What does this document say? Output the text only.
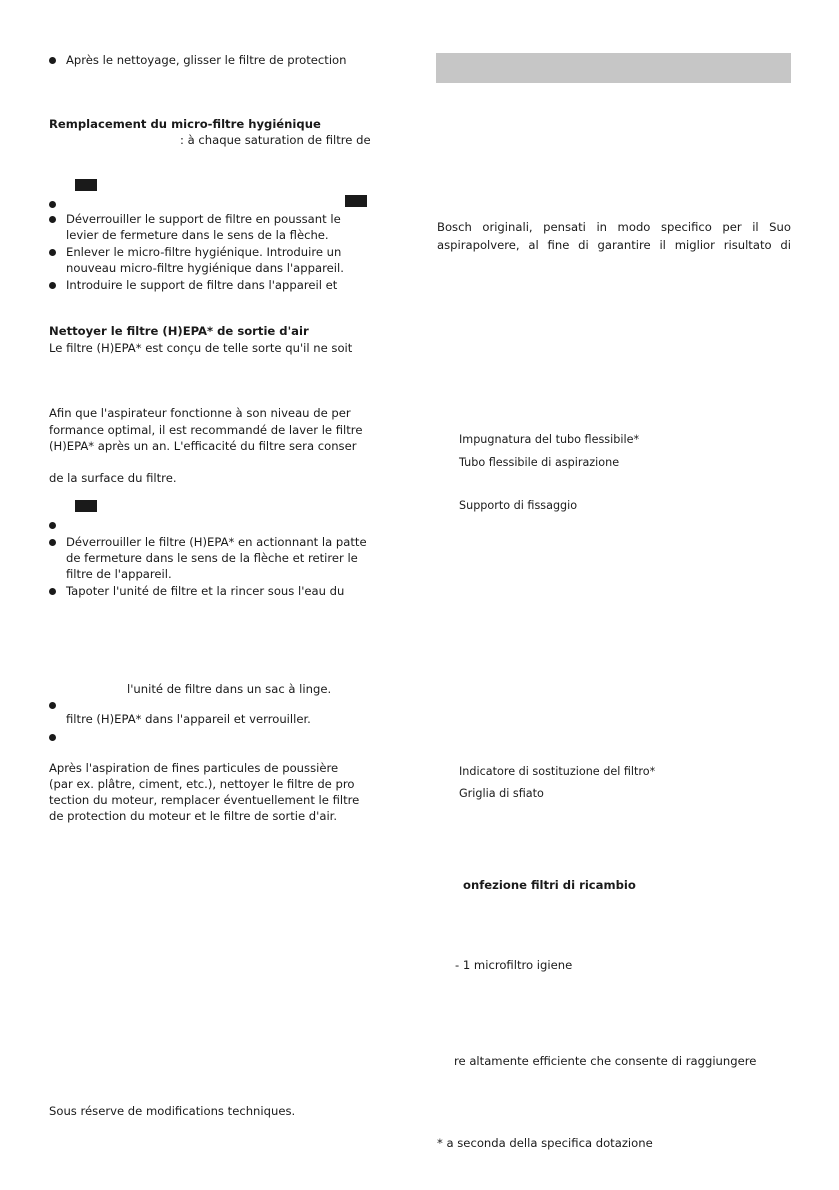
Après le nettoyage, glisser le filtre de protection
Remplacement du micro-filtre hygiénique
: à chaque saturation de filtre de
Déverrouiller le support de filtre en poussant le
levier de fermeture dans le sens de la flèche.
Enlever le micro-filtre hygiénique. Introduire un
nouveau micro-filtre hygiénique dans l'appareil.
Introduire le support de filtre dans l'appareil et
Nettoyer le filtre (H)EPA* de sortie d'air
Le filtre (H)EPA* est conçu de telle sorte qu'il ne soit
Afin que l'aspirateur fonctionne à son niveau de per
formance optimal, il est recommandé de laver le filtre
(H)EPA* après un an. L'efficacité du filtre sera conser
de la surface du filtre.
Déverrouiller le filtre (H)EPA* en actionnant la patte
de fermeture dans le sens de la flèche et retirer le
filtre de l'appareil.
Tapoter l'unité de filtre et la rincer sous l'eau du
l'unité de filtre dans un sac à linge.
filtre (H)EPA* dans l'appareil et verrouiller.
Après l'aspiration de fines particules de poussière
(par ex. plâtre, ciment, etc.), nettoyer le filtre de pro
tection du moteur, remplacer éventuellement le filtre
de protection du moteur et le filtre de sortie d'air.
Sous réserve de modifications techniques.
Bosch originali, pensati in modo specifico per il Suo
aspirapolvere, al fine di garantire il miglior risultato di
Impugnatura del tubo flessibile*
Tubo flessibile di aspirazione
Supporto di fissaggio
Indicatore di sostituzione del filtro*
Griglia di sfiato
onfezione filtri di ricambio
- 1 microfiltro igiene
re altamente efficiente che consente di raggiungere
* a seconda della specifica dotazione
